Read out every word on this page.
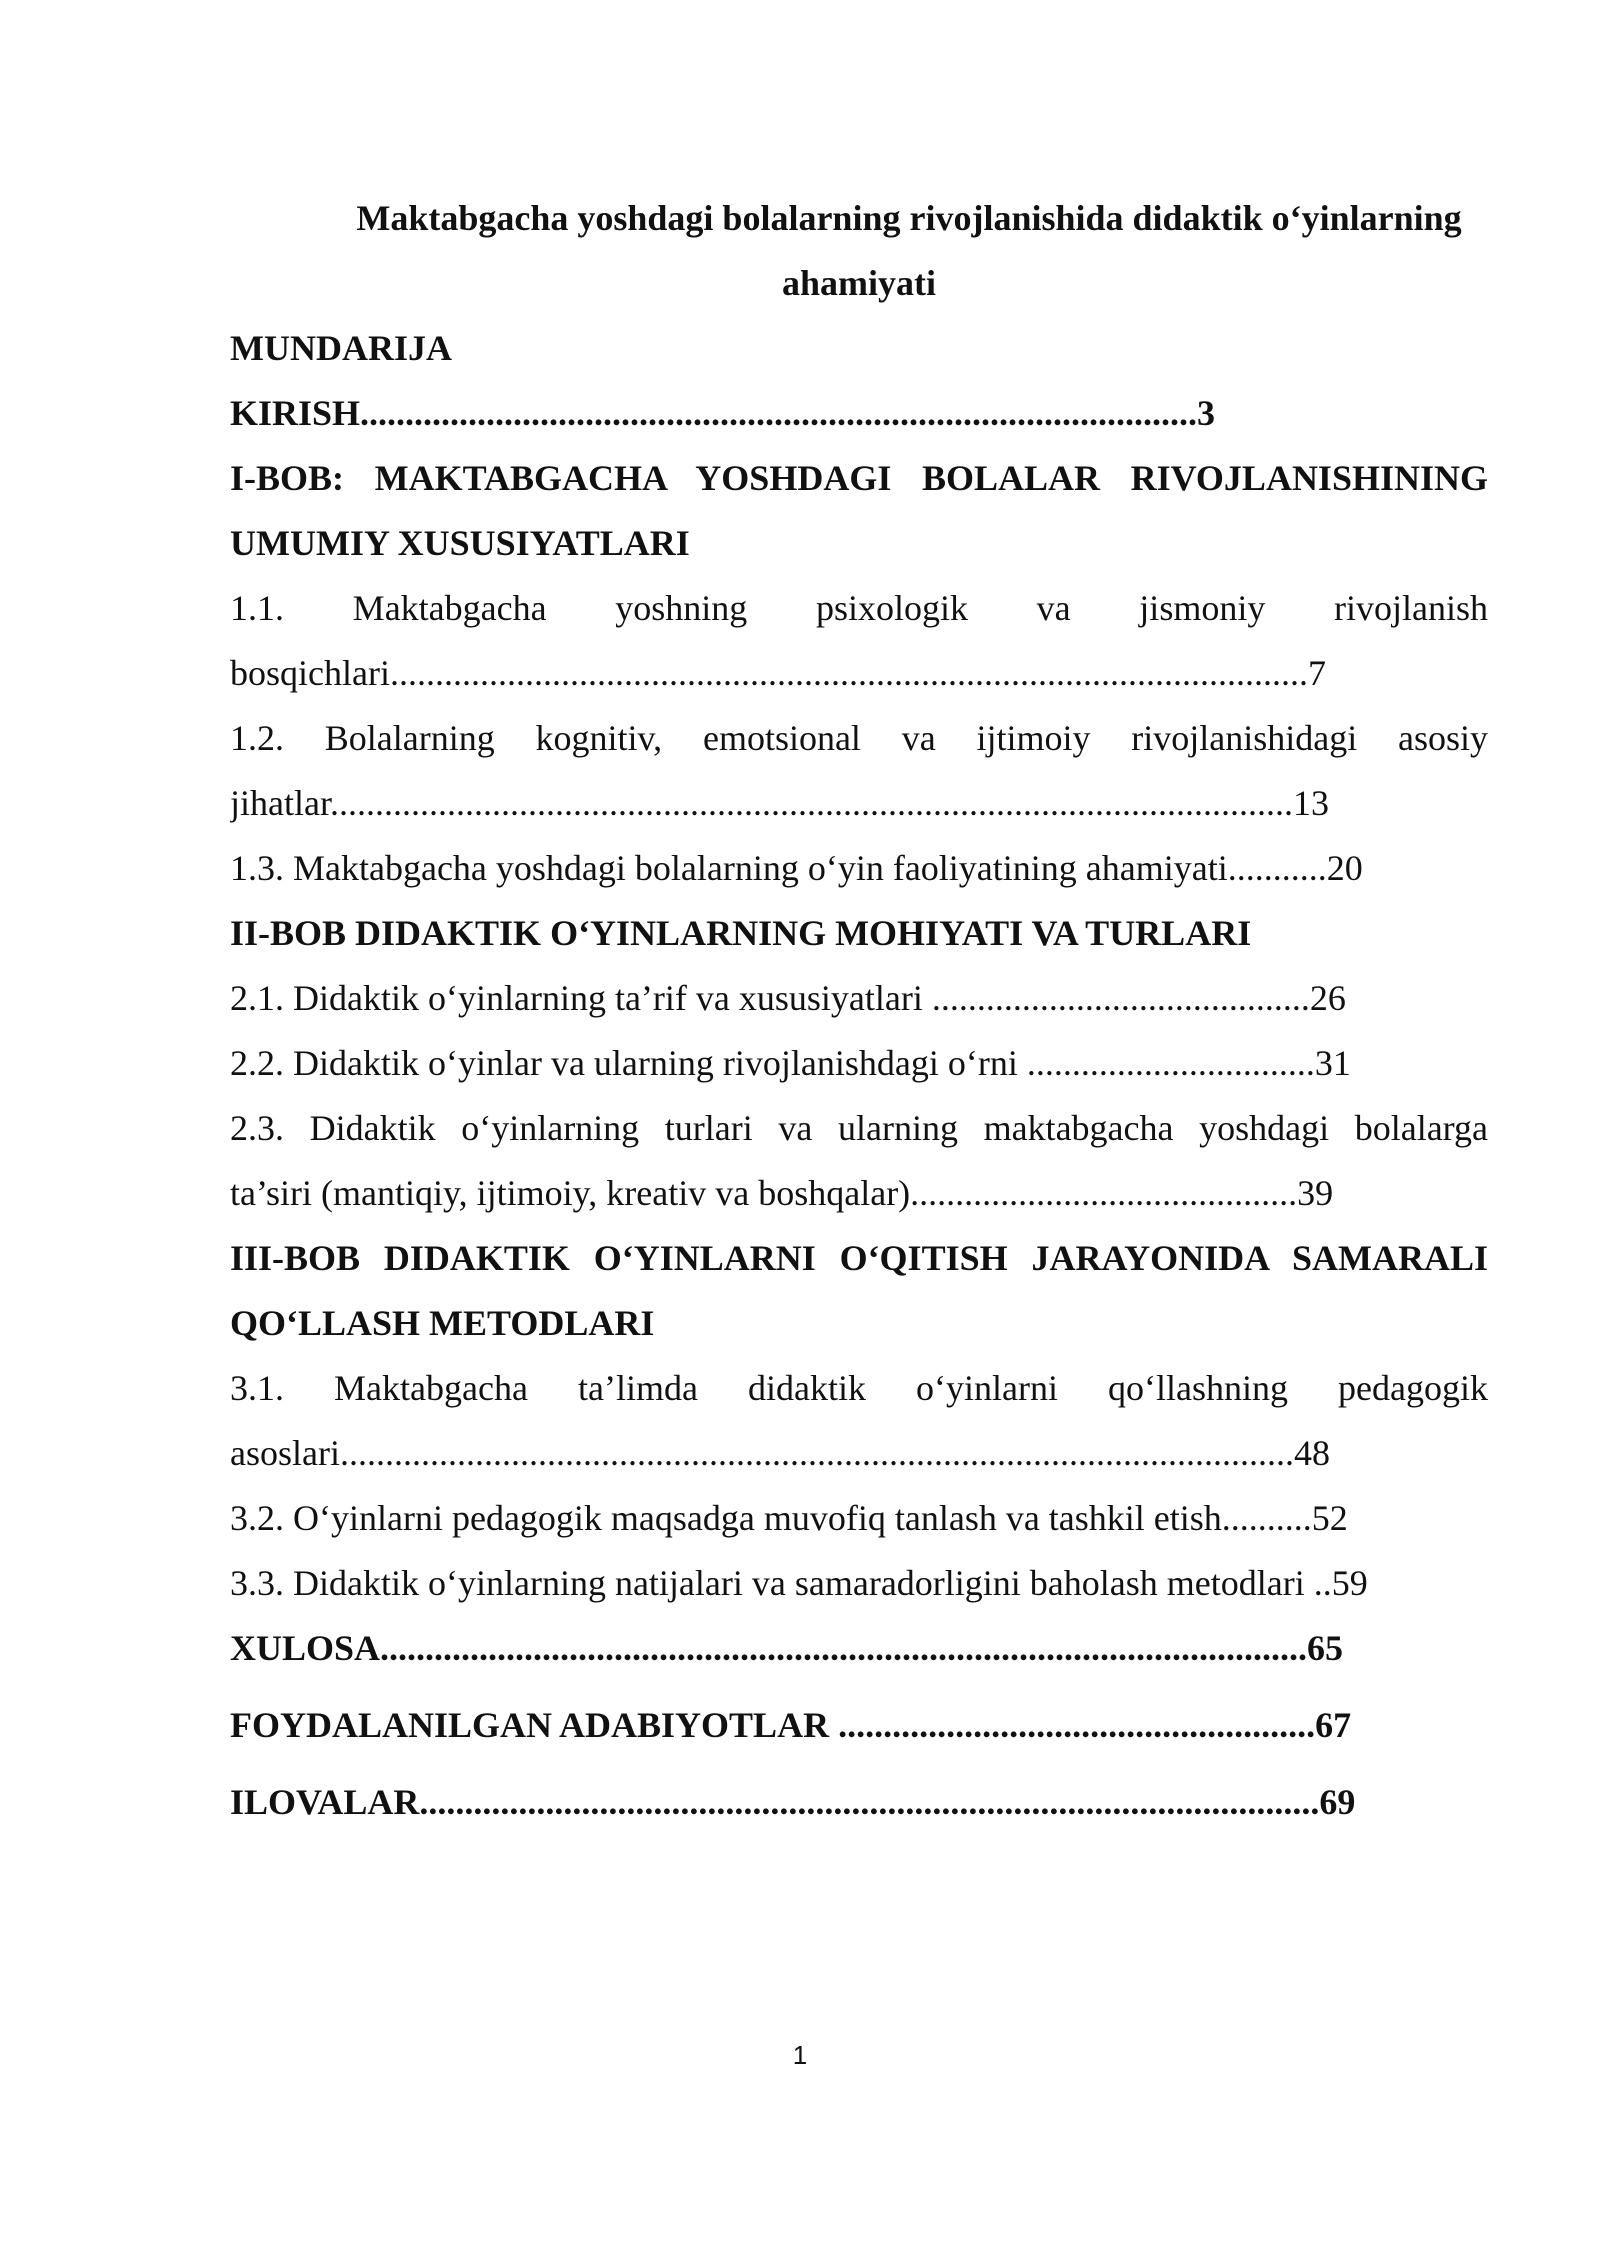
Maktabgacha yoshdagi bolalarning rivojlanishida didaktik o‘yinlarning
ahamiyati
MUNDARIJA
KIRISH.............................................................................................3
I-BOB: MAKTABGACHA YOSHDAGI BOLALAR RIVOJLANISHINING
UMUMIY XUSUSIYATLARI
1.1. Maktabgacha yoshning psixologik va jismoniy rivojlanish
bosqichlari......................................................................................................7
1.2. Bolalarning kognitiv, emotsional va ijtimoiy rivojlanishidagi asosiy
jihatlar...........................................................................................................13
1.3. Maktabgacha yoshdagi bolalarning o‘yin faoliyatining ahamiyati...........20
II-BOB DIDAKTIK O‘YINLARNING MOHIYATI VA TURLARI
2.1. Didaktik o‘yinlarning ta’rif va xususiyatlari ..........................................26
2.2. Didaktik o‘yinlar va ularning rivojlanishdagi o‘rni ................................31
2.3. Didaktik o‘yinlarning turlari va ularning maktabgacha yoshdagi bolalarga
ta’siri (mantiqiy, ijtimoiy, kreativ va boshqalar)...........................................39
III-BOB DIDAKTIK O‘YINLARNI O‘QITISH JARAYONIDA SAMARALI
QO‘LLASH METODLARI
3.1. Maktabgacha ta’limda didaktik o‘yinlarni qo‘llashning pedagogik
asoslari..........................................................................................................48
3.2. O‘yinlarni pedagogik maqsadga muvofiq tanlash va tashkil etish..........52
3.3. Didaktik o‘yinlarning natijalari va samaradorligini baholash metodlari ..59
XULOSA.......................................................................................................65
FOYDALANILGAN ADABIYOTLAR .....................................................67
ILOVALAR....................................................................................................69
1
